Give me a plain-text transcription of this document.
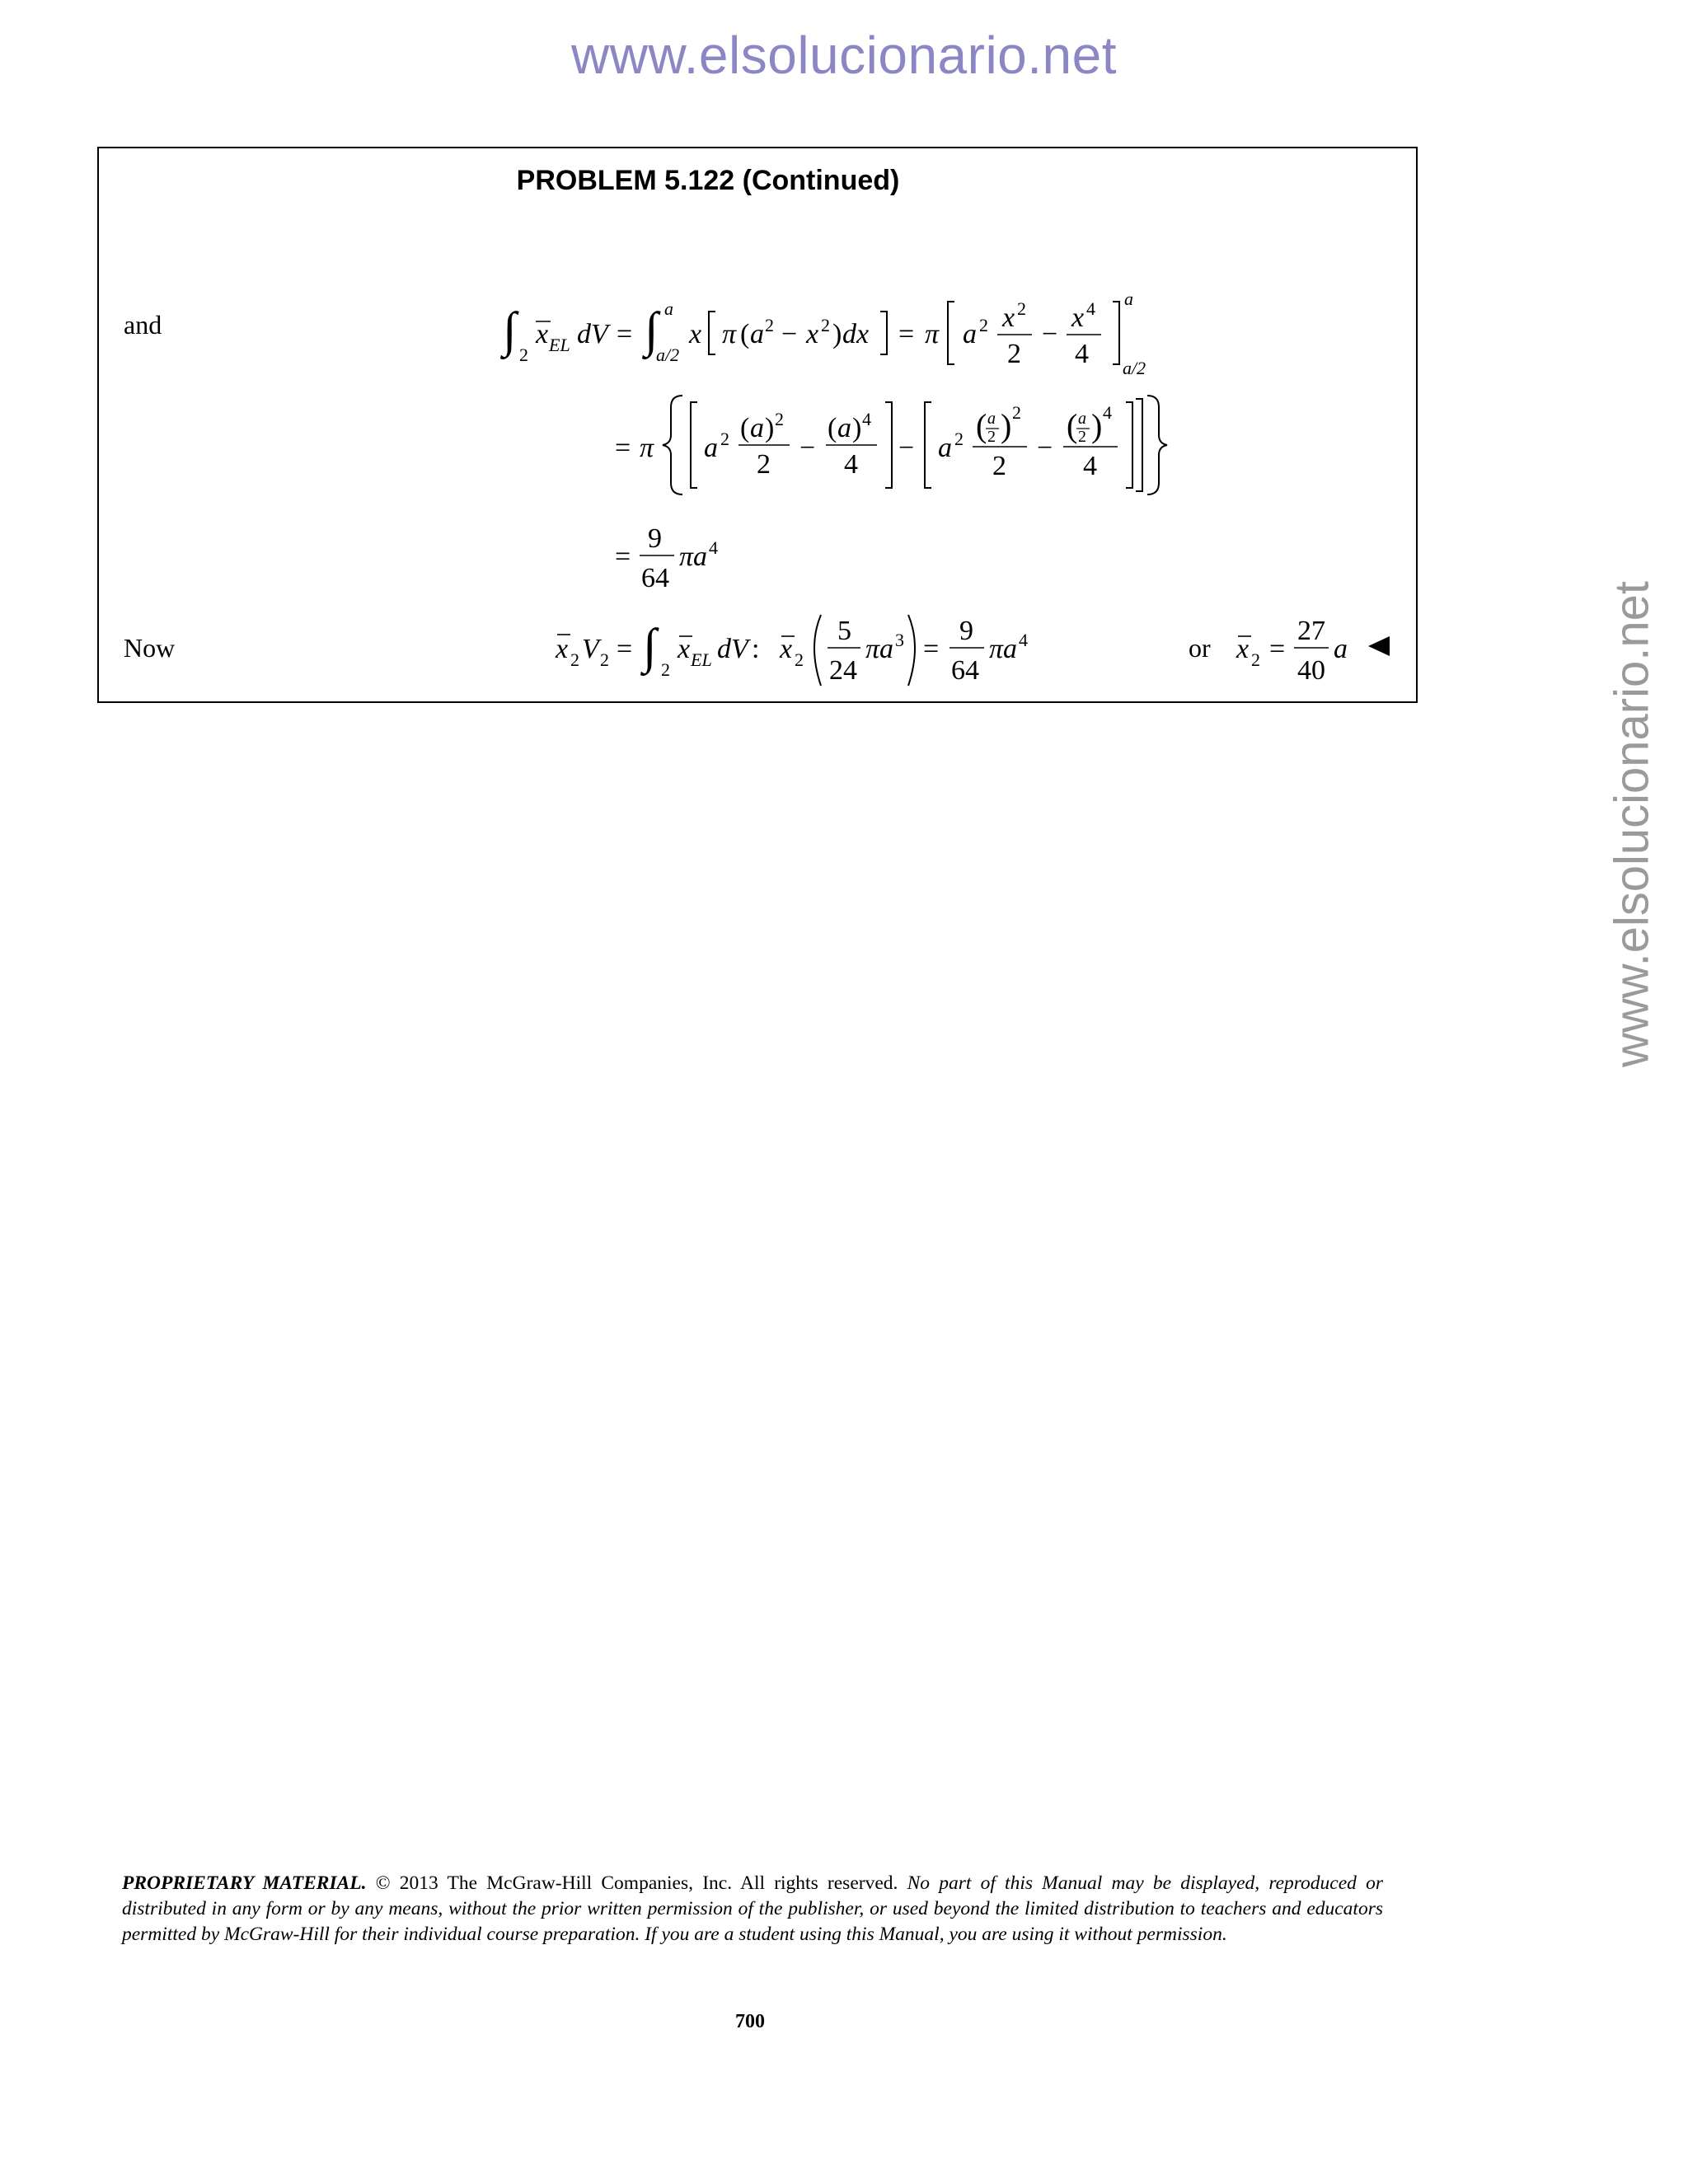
www.elsolucionario.net
www.elsolucionario.net
PROBLEM 5.122 (Continued)
and	∫ 2
x EL dV = ∫ a
a/2
x π ( a 2 − x 2 ) dx = π a 2 x 2
2
−
x 4
4
a
a/2
= π a 2 ( a ) 2
2
−
( a ) 4
4
− a 2 ( a
2 ) 2
2
−
( a
2 ) 4
4
=
9
64
πa 4
Now	x 2 V 2 = ∫ 2
x EL dV : x 2
5
24
πa 3 =
9
64
πa 4	or x 2 =
27
40
a
PROPRIETARY MATERIAL. © 2013 The McGraw-Hill Companies, Inc. All rights reserved. No part of this Manual may be displayed, reproduced or distributed in any form or by any means, without the prior written permission of the publisher, or used beyond the limited distribution to teachers and educators permitted by McGraw-Hill for their individual course preparation. If you are a student using this Manual, you are using it without permission.
700
